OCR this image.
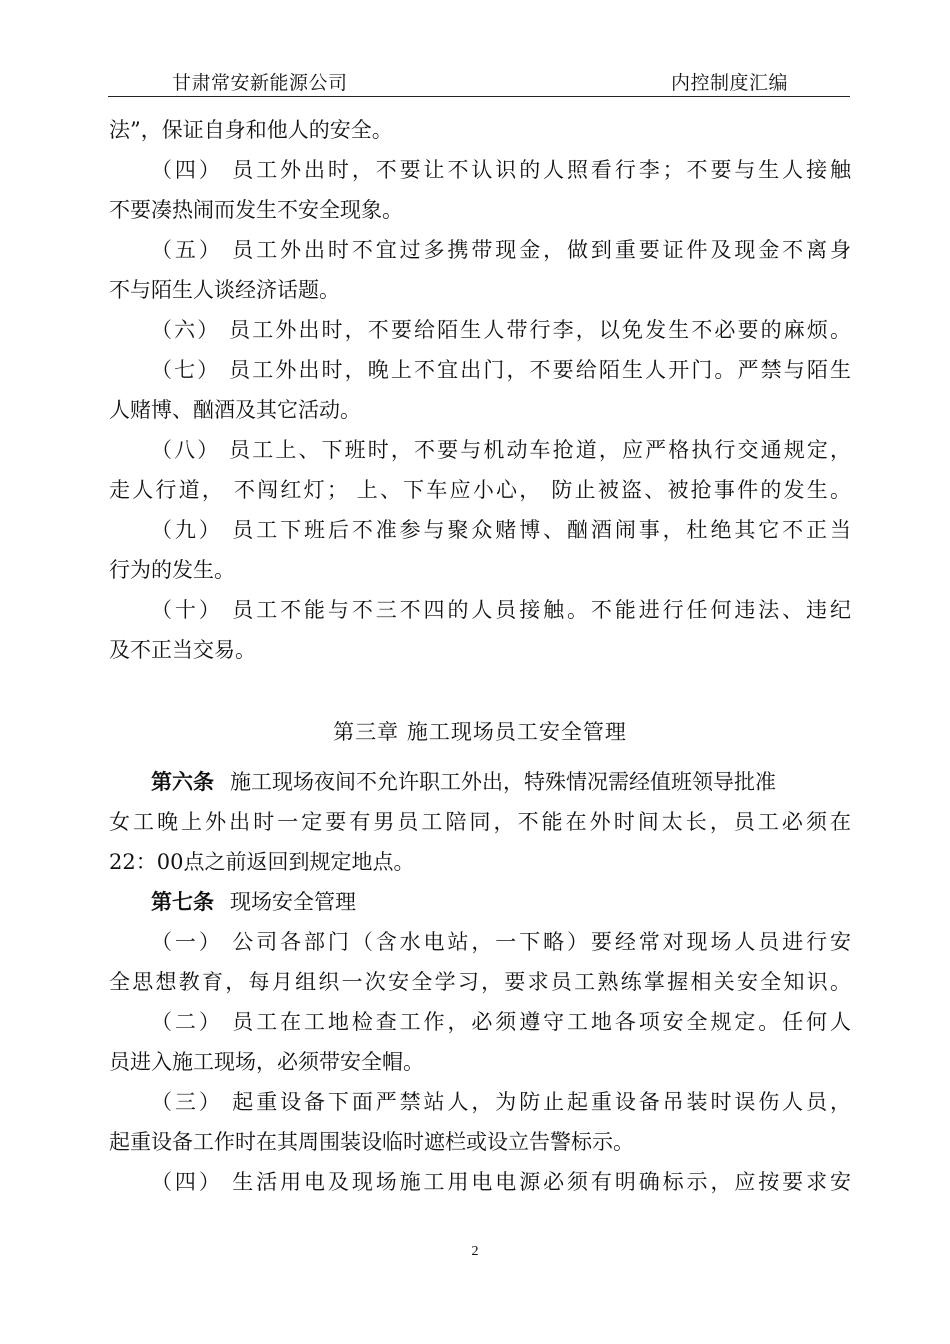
甘肃常安新能源公司	内控制度汇编
法”，保证自身和他人的安全。
（四） 员工外出时，不要让不认识的人照看行李；不要与生人接触
不要凑热闹而发生不安全现象。
（五） 员工外出时不宜过多携带现金，做到重要证件及现金不离身
不与陌生人谈经济话题。
（六） 员工外出时，不要给陌生人带行李，以免发生不必要的麻烦。
（七） 员工外出时，晚上不宜出门，不要给陌生人开门。严禁与陌生
人赌博、酗酒及其它活动。
（八） 员工上、下班时，不要与机动车抢道，应严格执行交通规定，
走人行道， 不闯红灯； 上、下车应小心， 防止被盗、被抢事件的发生。
（九） 员工下班后不准参与聚众赌博、酗酒闹事，杜绝其它不正当
行为的发生。
（十） 员工不能与不三不四的人员接触。不能进行任何违法、违纪
及不正当交易。
第三章 施工现场员工安全管理
第六条 施工现场夜间不允许职工外出，特殊情况需经值班领导批准
女工晚上外出时一定要有男员工陪同，不能在外时间太长，员工必须在
22：00点之前返回到规定地点。
第七条 现场安全管理
（一） 公司各部门（含水电站，一下略）要经常对现场人员进行安
全思想教育，每月组织一次安全学习，要求员工熟练掌握相关安全知识。
（二） 员工在工地检查工作，必须遵守工地各项安全规定。任何人
员进入施工现场，必须带安全帽。
（三） 起重设备下面严禁站人，为防止起重设备吊装时误伤人员，
起重设备工作时在其周围装设临时遮栏或设立告警标示。
（四） 生活用电及现场施工用电电源必须有明确标示，应按要求安
2
